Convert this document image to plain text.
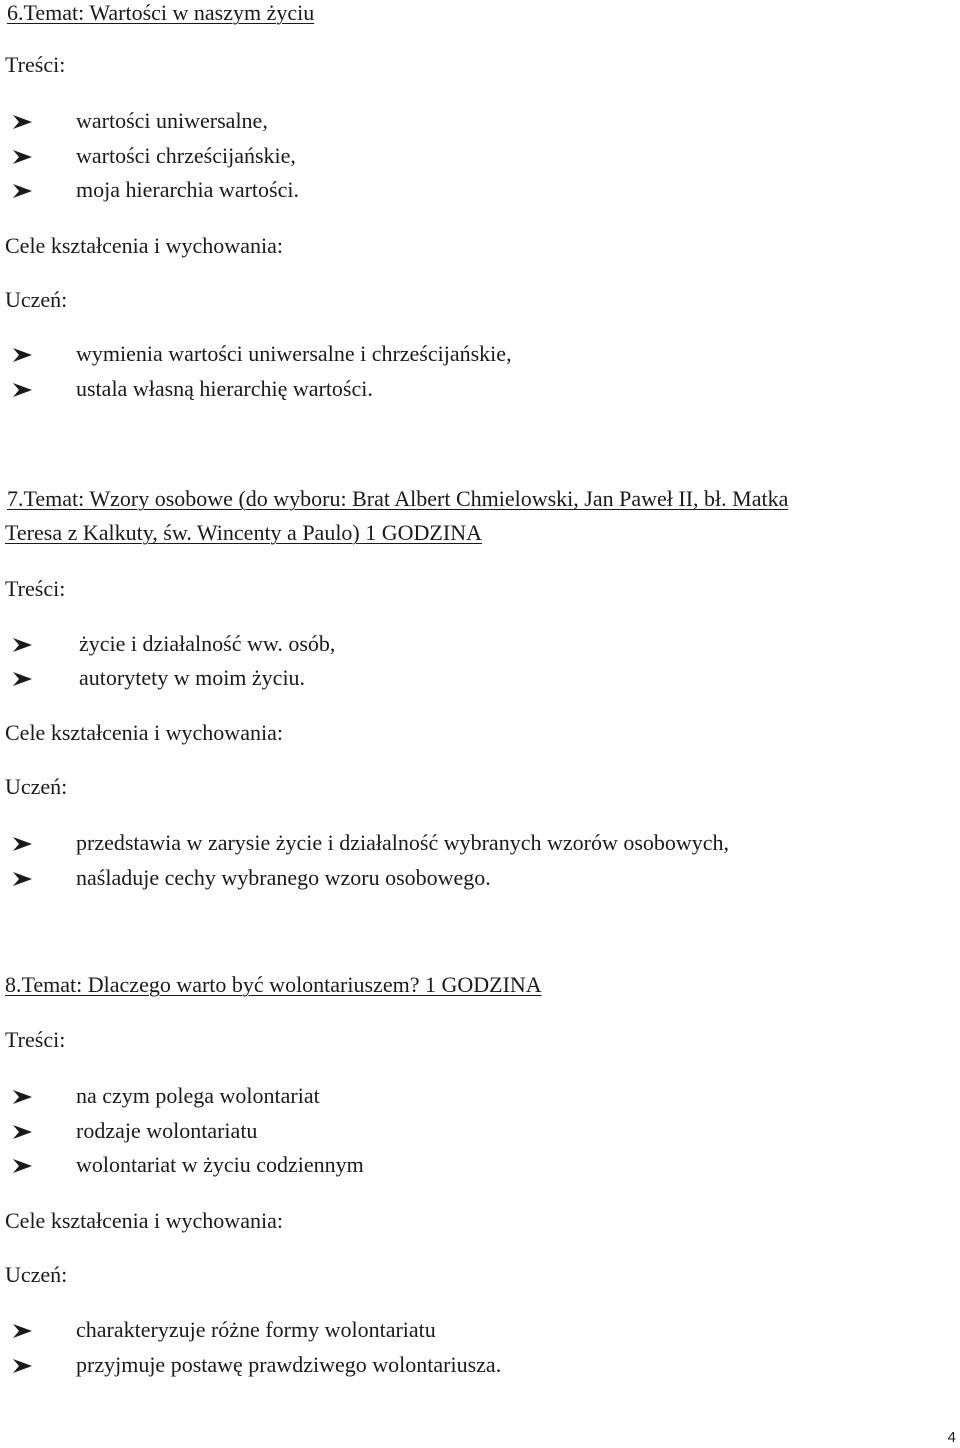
6.Temat: Wartości w naszym życiu
Treści:
wartości uniwersalne,
wartości chrześcijańskie,
moja hierarchia wartości.
Cele kształcenia i wychowania:
Uczeń:
wymienia wartości uniwersalne i chrześcijańskie,
ustala własną hierarchię wartości.
7.Temat: Wzory osobowe (do wyboru: Brat Albert Chmielowski, Jan Paweł II, bł. Matka
Teresa z Kalkuty, św. Wincenty a Paulo) 1 GODZINA
Treści:
życie i działalność ww. osób,
autorytety w moim życiu.
Cele kształcenia i wychowania:
Uczeń:
przedstawia w zarysie życie i działalność wybranych wzorów osobowych,
naśladuje cechy wybranego wzoru osobowego.
8.Temat: Dlaczego warto być wolontariuszem? 1 GODZINA
Treści:
na czym polega wolontariat
rodzaje wolontariatu
wolontariat w życiu codziennym
Cele kształcenia i wychowania:
Uczeń:
charakteryzuje różne formy wolontariatu
przyjmuje postawę prawdziwego wolontariusza.
4
